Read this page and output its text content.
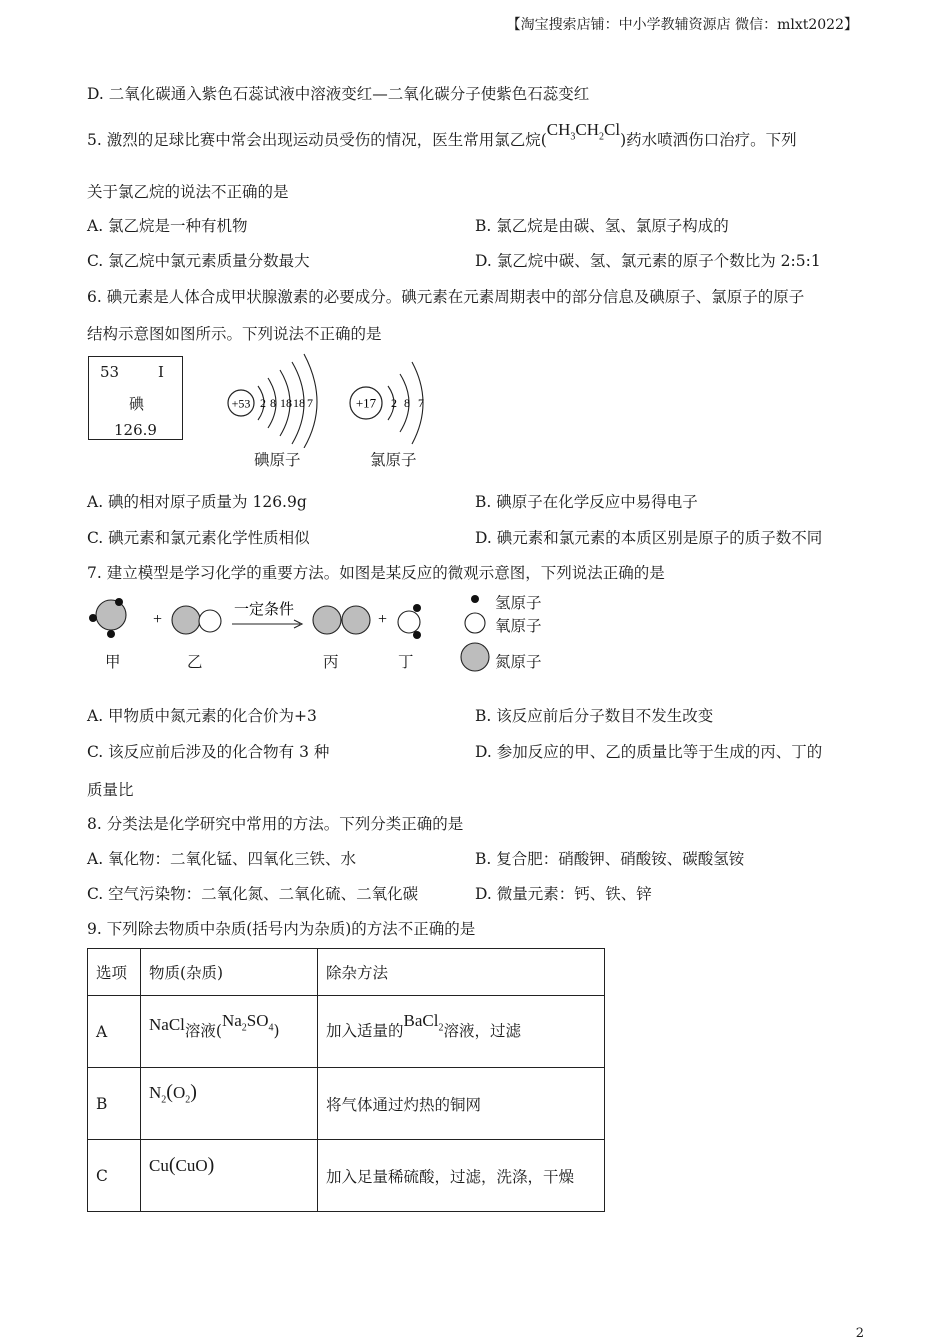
【淘宝搜索店铺：中小学教辅资源店 微信：mlxt2022】
D. 二氧化碳通入紫色石蕊试液中溶液变红—二氧化碳分子使紫色石蕊变红
5. 激烈的足球比赛中常会出现运动员受伤的情况，医生常用氯乙烷$(CH_3CH_2Cl)$药水喷洒伤口治疗。下列
关于氯乙烷的说法不正确的是
A. 氯乙烷是一种有机物	B. 氯乙烷是由碳、氢、氯原子构成的
C. 氯乙烷中氯元素质量分数最大	D. 氯乙烷中碳、氢、氯元素的原子个数比为 2:5:1
6. 碘元素是人体合成甲状腺激素的必要成分。碘元素在元素周期表中的部分信息及碘原子、氯原子的原子
结构示意图如图所示。下列说法不正确的是
53	I
碘
126.9
+53 2 8 18 18 7	+17 2 8 7
碘原子	氯原子
A. 碘的相对原子质量为 126.9g	B. 碘原子在化学反应中易得电子
C. 碘元素和氯元素化学性质相似	D. 碘元素和氯元素的本质区别是原子的质子数不同
7. 建立模型是学习化学的重要方法。如图是某反应的微观示意图，下列说法正确的是
+
一定条件
+
甲	乙	丙	丁
氢原子
氧原子
氮原子
A. 甲物质中氮元素的化合价为+3	B. 该反应前后分子数目不发生改变
C. 该反应前后涉及的化合物有 3 种	D. 参加反应的甲、乙的质量比等于生成的丙、丁的
质量比
8. 分类法是化学研究中常用的方法。下列分类正确的是
A. 氧化物：二氧化锰、四氧化三铁、水	B. 复合肥：硝酸钾、硝酸铵、碳酸氢铵
C. 空气污染物：二氧化氮、二氧化硫、二氧化碳	D. 微量元素：钙、铁、锌
9. 下列除去物质中杂质(括号内为杂质)的方法不正确的是
选项	物质(杂质)	除杂方法
A	NaCl溶液$(Na_2SO_4)$	加入适量的BaCl$_2$溶液，过滤
B	$N_2(O_2)$	将气体通过灼热的铜网
C	Cu(CuO)	加入足量稀硫酸，过滤，洗涤，干燥
2
